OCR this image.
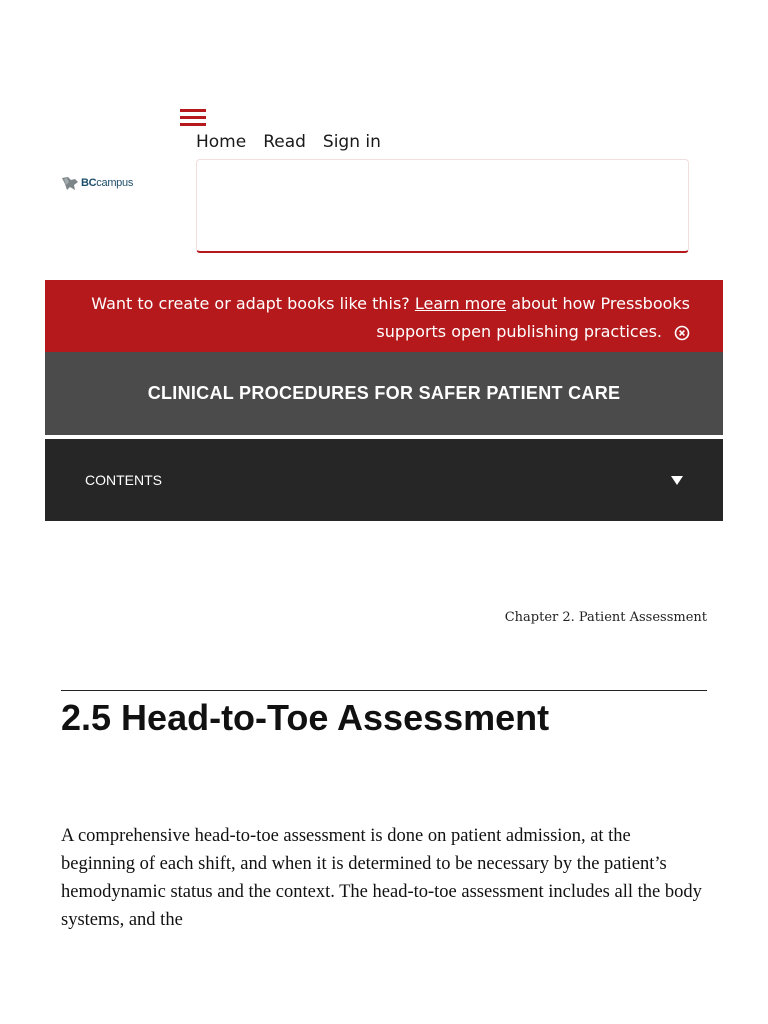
Home Read Sign in
BCcampus
Want to create or adapt books like this? Learn more about how Pressbooks
supports open publishing practices.
CLINICAL PROCEDURES FOR SAFER PATIENT CARE
CONTENTS
Chapter 2. Patient Assessment
2.5 Head-to-Toe Assessment

A comprehensive head-to-toe assessment is done on patient admission, at the beginning of each shift, and when it is determined to be necessary by the patient’s hemodynamic status and the context. The head-to-toe assessment includes all the body systems, and the
